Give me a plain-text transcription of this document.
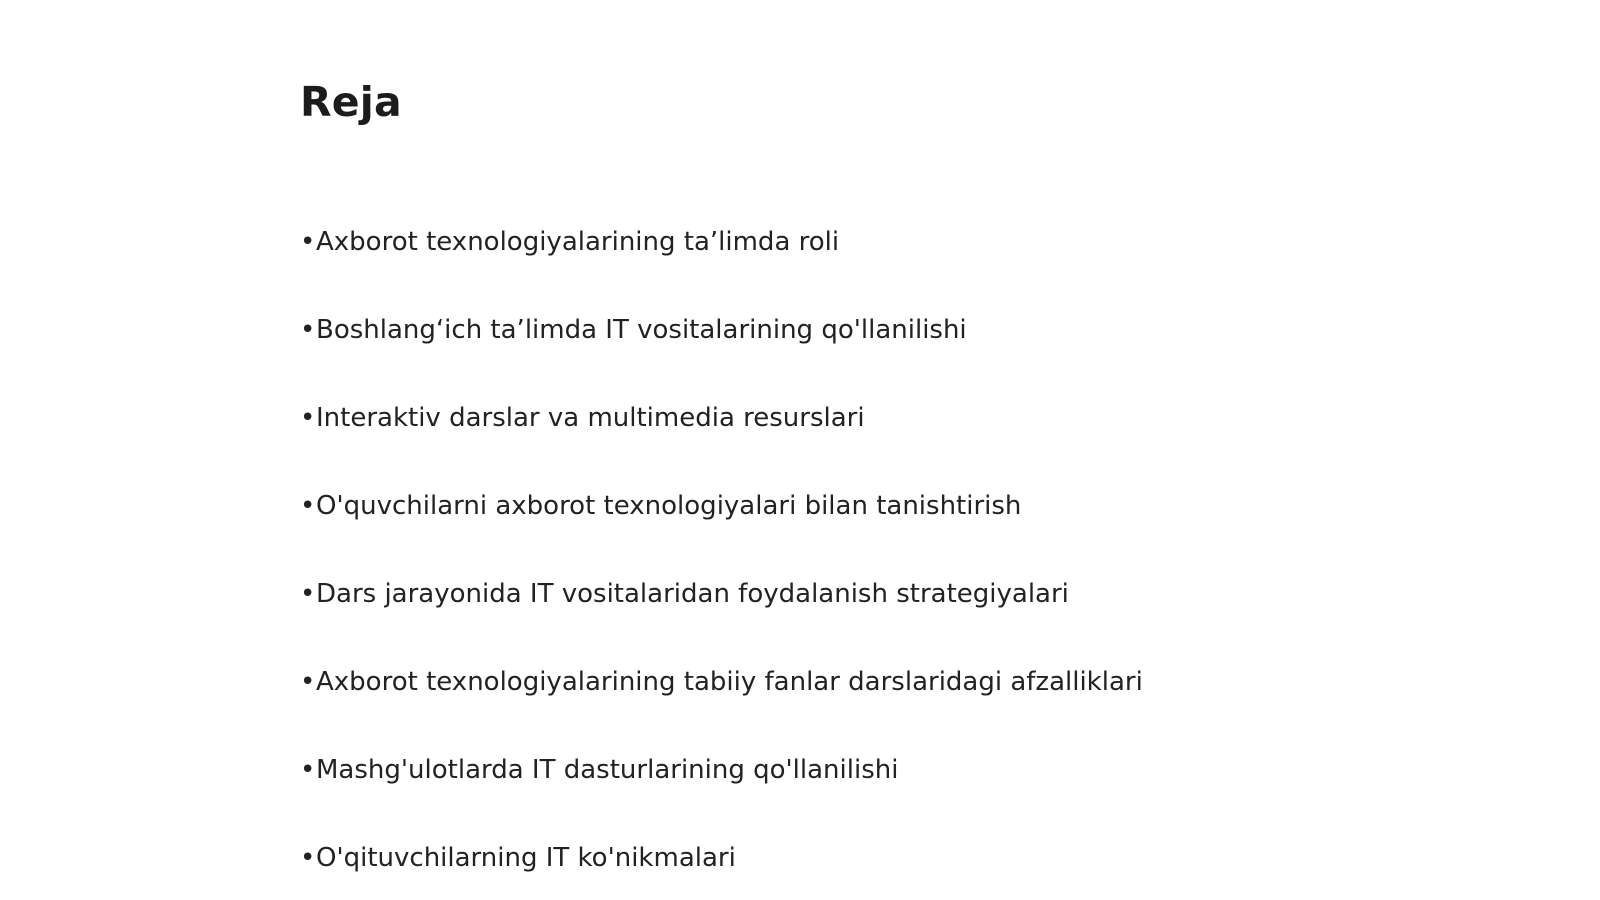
Reja
•Axborot texnologiyalarining ta’limda roli
•Boshlang‘ich ta’limda IT vositalarining qo'llanilishi
•Interaktiv darslar va multimedia resurslari
•O'quvchilarni axborot texnologiyalari bilan tanishtirish
•Dars jarayonida IT vositalaridan foydalanish strategiyalari
•Axborot texnologiyalarining tabiiy fanlar darslaridagi afzalliklari
•Mashg'ulotlarda IT dasturlarining qo'llanilishi
•O'qituvchilarning IT ko'nikmalari
